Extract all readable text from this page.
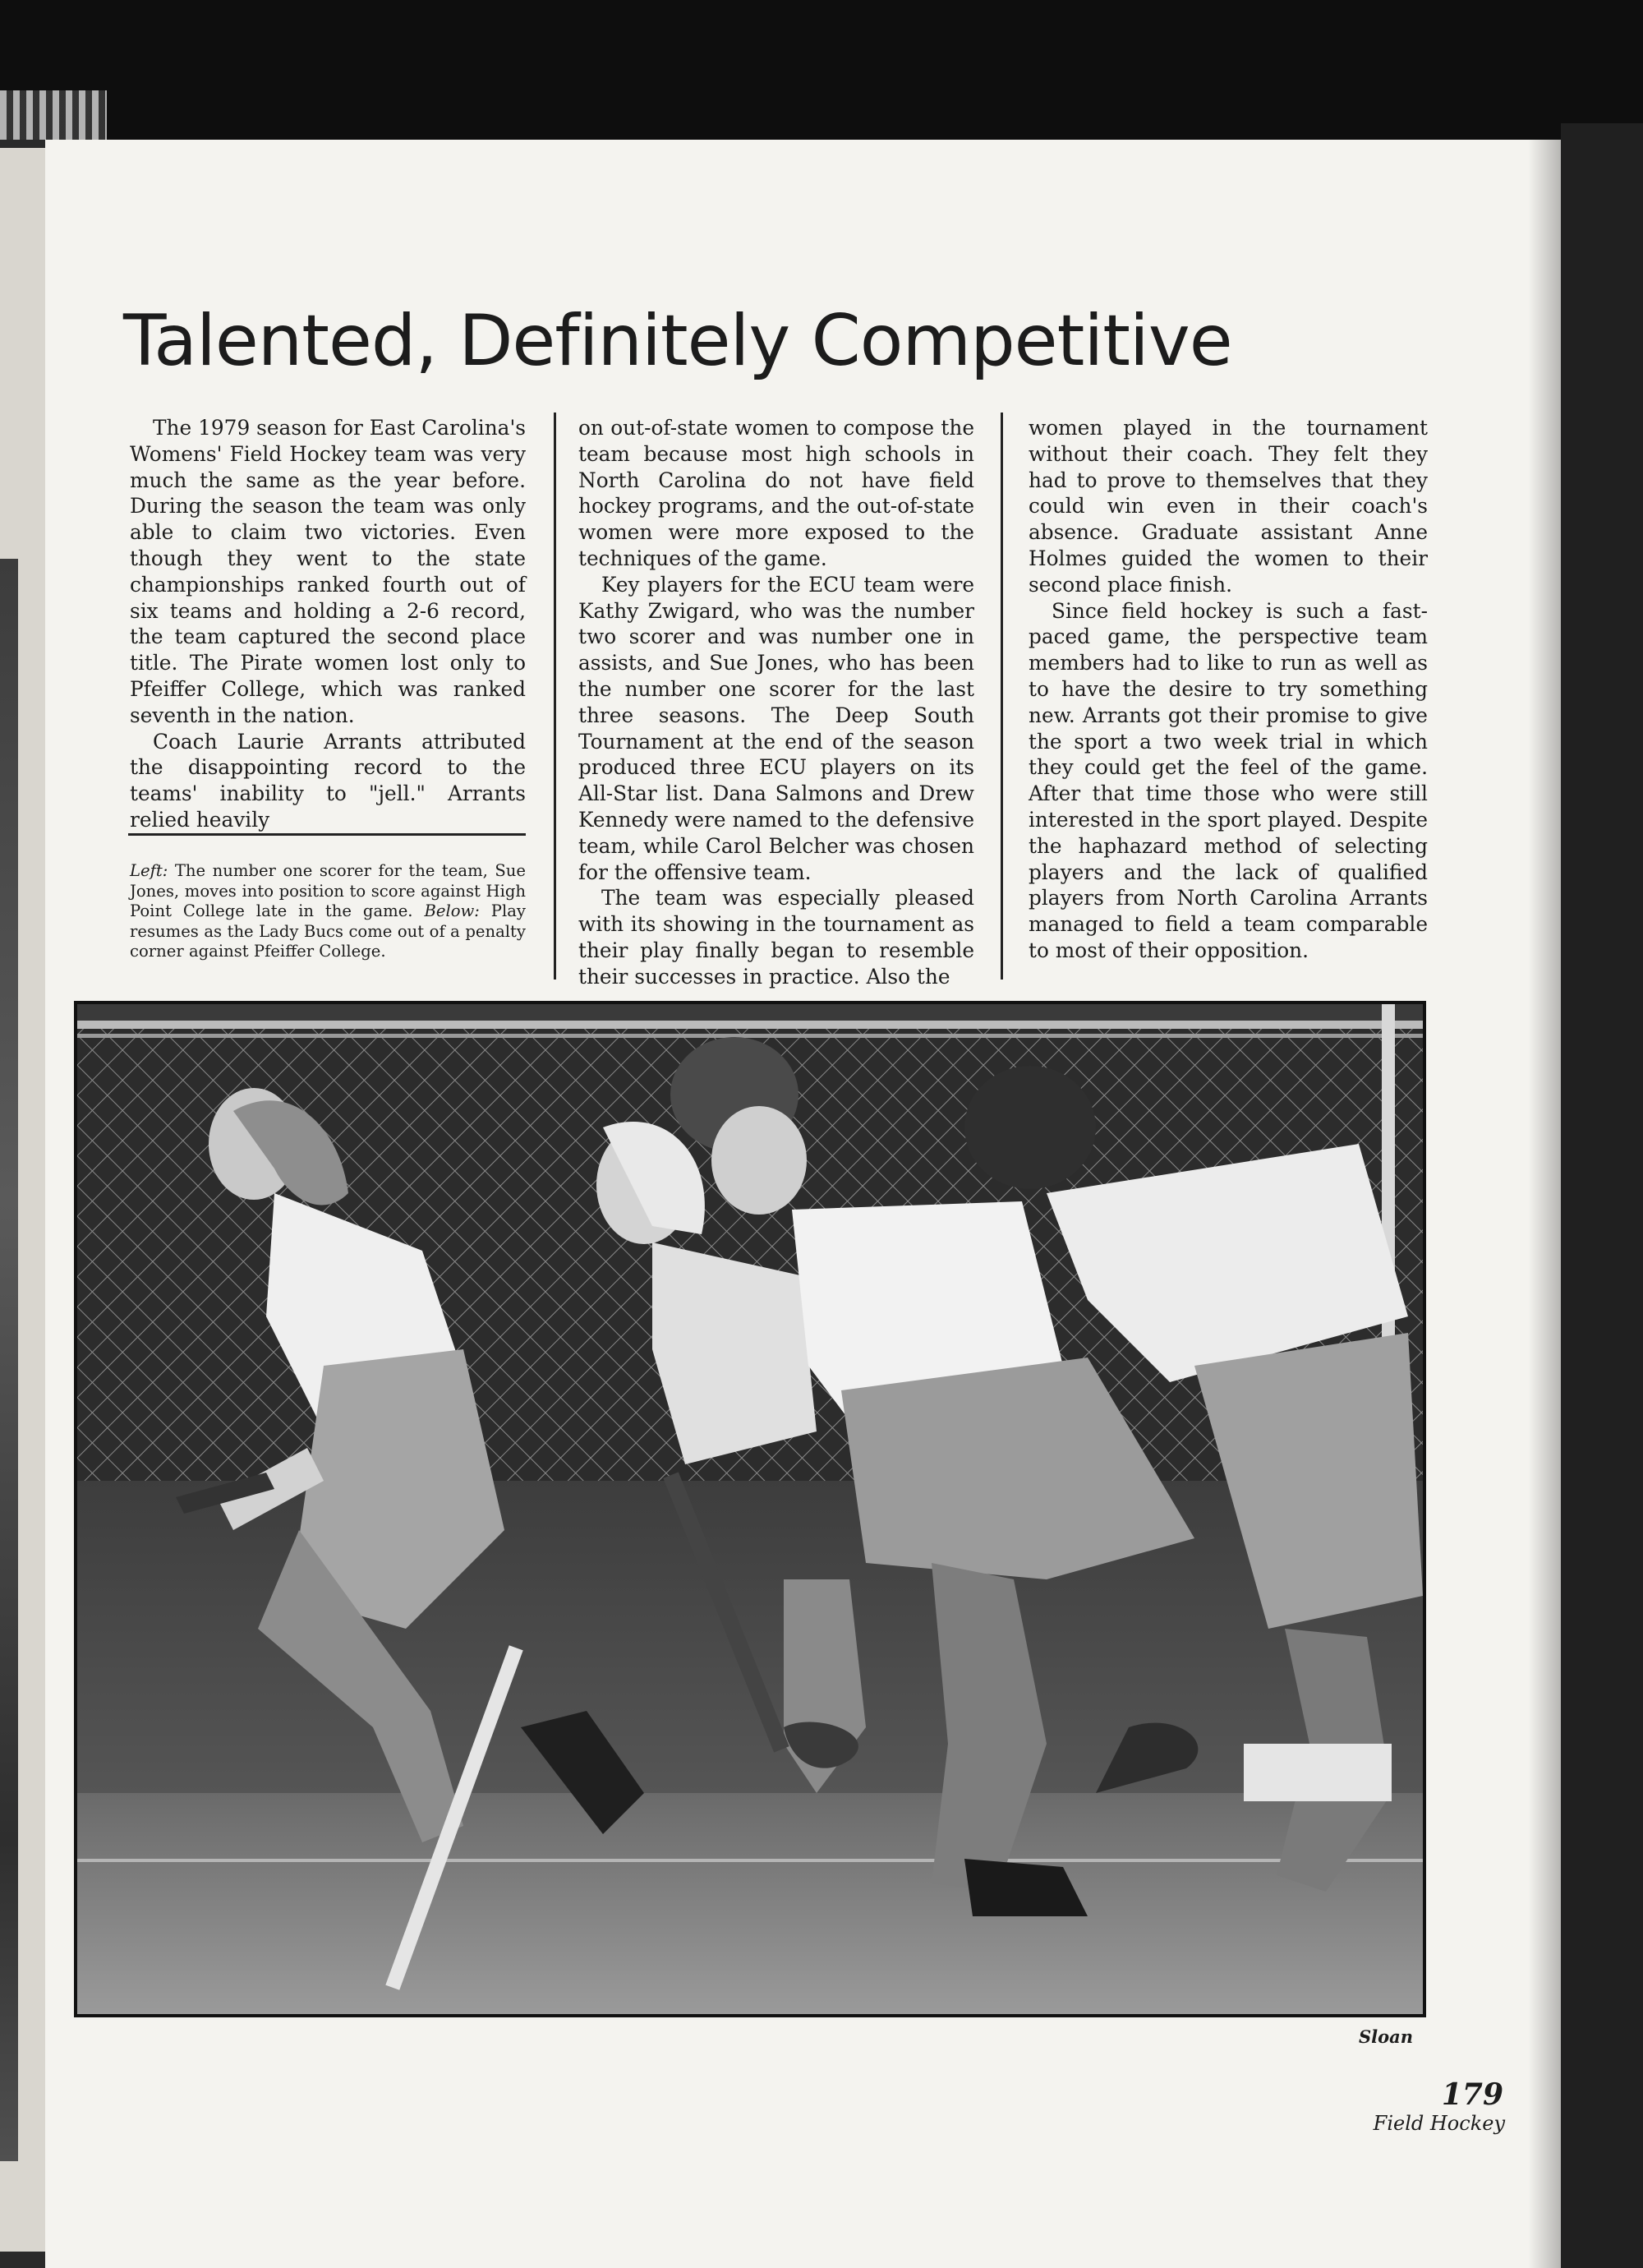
Talented, Definitely Competitive

The 1979 season for East Carolina's Womens' Field Hockey team was very much the same as the year before. During the season the team was only able to claim two victories. Even though they went to the state championships ranked fourth out of six teams and holding a 2-6 record, the team captured the second place title. The Pirate women lost only to Pfeiffer College, which was ranked seventh in the nation.

Coach Laurie Arrants attributed the disappointing record to the teams' inability to "jell." Arrants relied heavily

on out-of-state women to compose the team because most high schools in North Carolina do not have field hockey programs, and the out-of-state women were more exposed to the techniques of the game.

Key players for the ECU team were Kathy Zwigard, who was the number two scorer and was number one in assists, and Sue Jones, who has been the number one scorer for the last three seasons. The Deep South Tournament at the end of the season produced three ECU players on its All-Star list. Dana Salmons and Drew Kennedy were named to the defensive team, while Carol Belcher was chosen for the offensive team.

The team was especially pleased with its showing in the tournament as their play finally began to resemble their successes in practice. Also the

women played in the tournament without their coach. They felt they had to prove to themselves that they could win even in their coach's absence. Graduate assistant Anne Holmes guided the women to their second place finish.

Since field hockey is such a fast-paced game, the perspective team members had to like to run as well as to have the desire to try something new. Arrants got their promise to give the sport a two week trial in which they could get the feel of the game. After that time those who were still interested in the sport played. Despite the haphazard method of selecting players and the lack of qualified players from North Carolina Arrants managed to field a team comparable to most of their opposition.

Left: The number one scorer for the team, Sue Jones, moves into position to score against High Point College late in the game. Below: Play resumes as the Lady Bucs come out of a penalty corner against Pfeiffer College.

Sloan
179
Field Hockey
